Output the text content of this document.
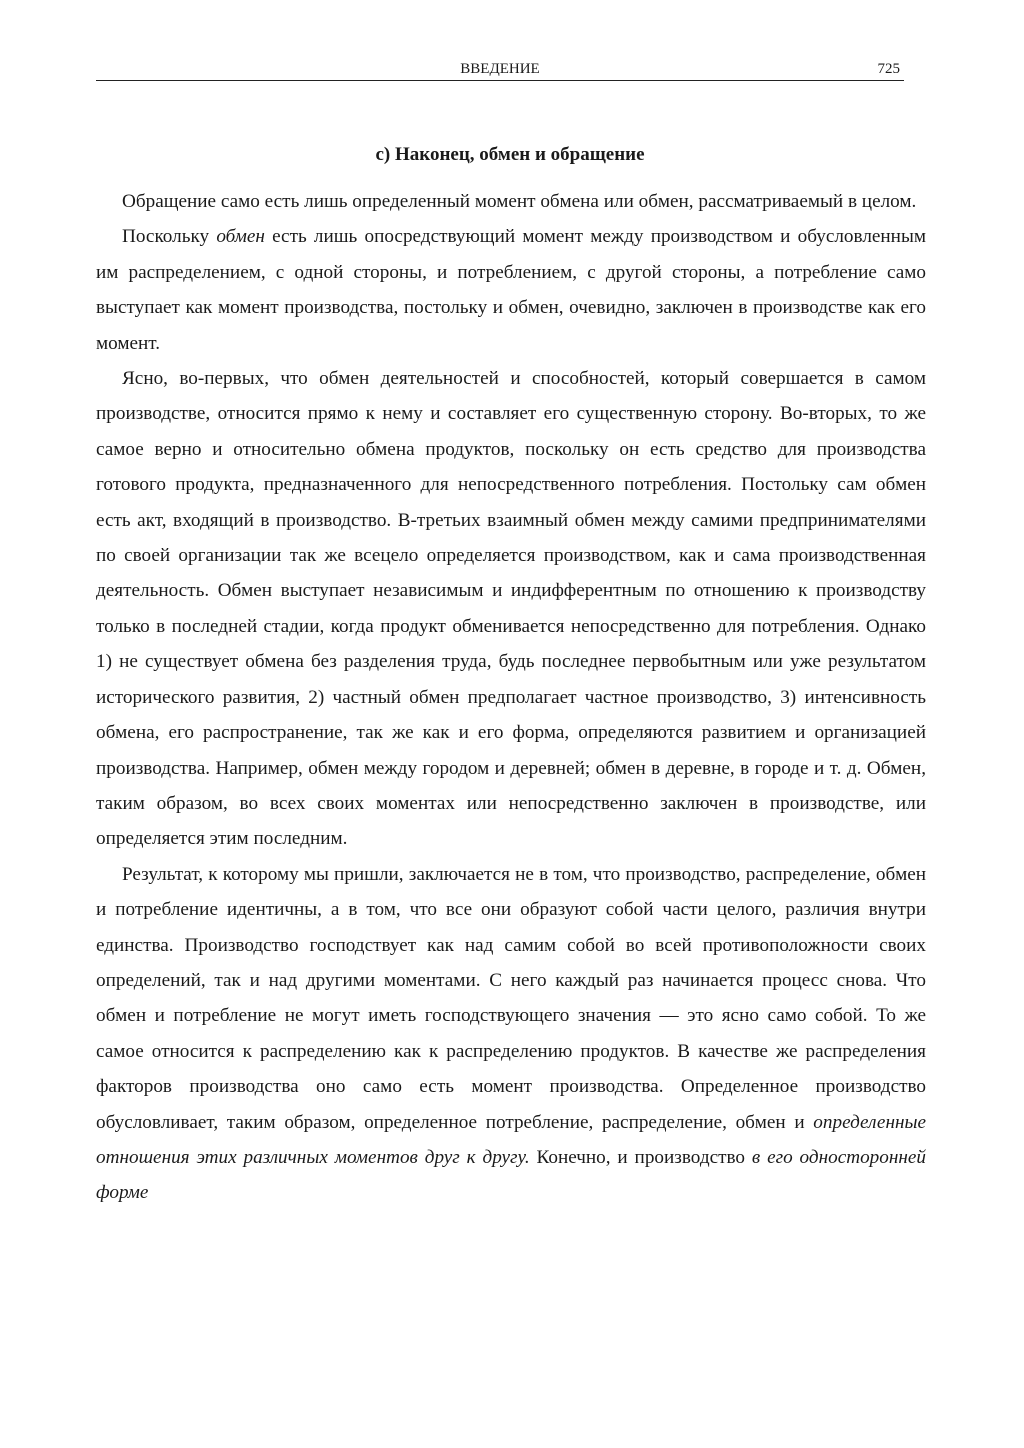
ВВЕДЕНИЕ	725
с) Наконец, обмен и обращение

Обращение само есть лишь определенный момент обмена или обмен, рассматриваемый в целом.

Поскольку обмен есть лишь опосредствующий момент между производством и обусловленным им распределением, с одной стороны, и потреблением, с другой стороны, а потребление само выступает как момент производства, постольку и обмен, очевидно, заключен в производстве как его момент.

Ясно, во-первых, что обмен деятельностей и способностей, который совершается в самом производстве, относится прямо к нему и составляет его существенную сторону. Во-вторых, то же самое верно и относительно обмена продуктов, поскольку он есть средство для производства готового продукта, предназначенного для непосредственного потребления. Постольку сам обмен есть акт, входящий в производство. В-третьих взаимный обмен между самими предпринимателями по своей организации так же всецело определяется производством, как и сама производственная деятельность. Обмен выступает независимым и индифферентным по отношению к производству только в последней стадии, когда продукт обменивается непосредственно для потребления. Однако 1) не существует обмена без разделения труда, будь последнее первобытным или уже результатом исторического развития, 2) частный обмен предполагает частное производство, 3) интенсивность обмена, его распространение, так же как и его форма, определяются развитием и организацией производства. Например, обмен между городом и деревней; обмен в деревне, в городе и т. д. Обмен, таким образом, во всех своих моментах или непосредственно заключен в производстве, или определяется этим последним.

Результат, к которому мы пришли, заключается не в том, что производство, распределение, обмен и потребление идентичны, а в том, что все они образуют собой части целого, различия внутри единства. Производство господствует как над самим собой во всей противоположности своих определений, так и над другими моментами. С него каждый раз начинается процесс снова. Что обмен и потребление не могут иметь господствующего значения — это ясно само собой. То же самое относится к распределению как к распределению продуктов. В качестве же распределения факторов производства оно само есть момент производства. Определенное производство обусловливает, таким образом, определенное потребление, распределение, обмен и определенные отношения этих различных моментов друг к другу. Конечно, и производство в его односторонней форме
